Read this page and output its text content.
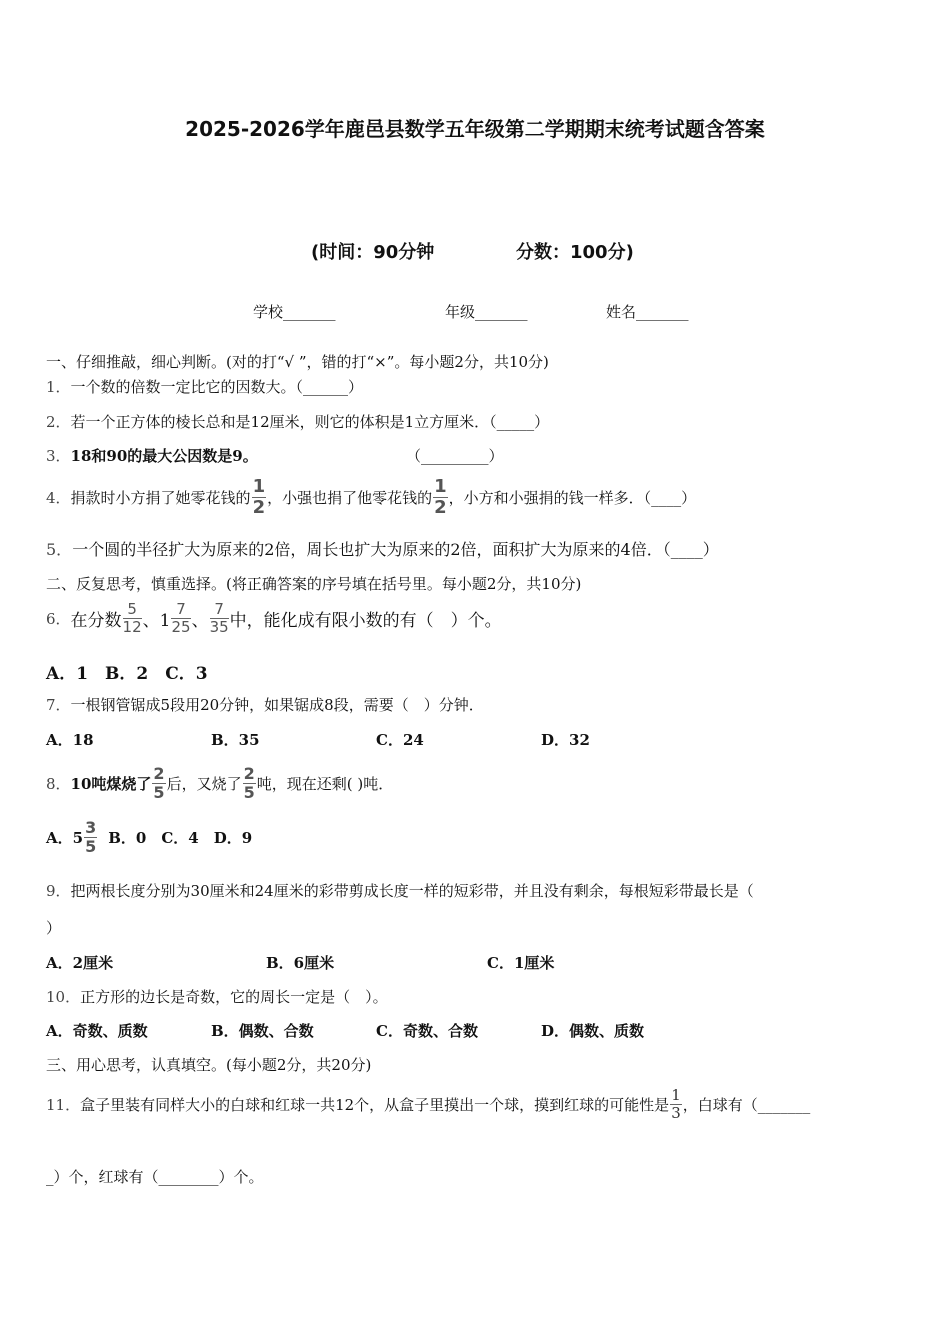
2025-2026学年鹿邑县数学五年级第二学期期末统考试题含答案
(时间：90分钟	分数：100分)
学校_______	年级_______	姓名_______
一、仔细推敲，细心判断。(对的打“√ ”，错的打“×”。每小题2分，共10分)
1．一个数的倍数一定比它的因数大。（______）
2．若一个正方体的棱长总和是12厘米，则它的体积是1立方厘米．（_____）
3．18和90的最大公因数是9。	（_________）
4． 捐款时小方捐了她零花钱的 $\frac{1}{2}$ ，小强也捐了他零花钱的 $\frac{1}{2}$ ，小方和小强捐的钱一样多．（____）
5．一个圆的半径扩大为原来的2倍，周长也扩大为原来的2倍，面积扩大为原来的4倍．（____）
二、反复思考，慎重选择。(将正确答案的序号填在括号里。每小题2分，共10分)
6． 在分数 $\frac{5}{12}$ 、$1 \frac{7}{25}$ 、 $\frac{7}{35}$ 中，能化成有限小数的有（　）个。
A．1　B．2　C．3
7．一根钢管锯成5段用20分钟，如果锯成8段，需要（　）分钟．
A．18	B．35	C．24	D．32
8． 10吨煤烧了 $\frac{2}{5}$ 后，又烧了 $\frac{2}{5}$ 吨，现在还剩( )吨．
A．$5 \frac{3}{5}$ B．0　C．4　D．9
9．把两根长度分别为30厘米和24厘米的彩带剪成长度一样的短彩带，并且没有剩余，每根短彩带最长是（
）
A．2厘米	B．6厘米	C．1厘米
10．正方形的边长是奇数，它的周长一定是（　）。
A．奇数、质数	B．偶数、合数	C．奇数、合数	D．偶数、质数
三、用心思考，认真填空。(每小题2分，共20分)
11． 盒子里装有同样大小的白球和红球一共12个，从盒子里摸出一个球，摸到红球的可能性是 $\frac{1}{3}$ ，白球有（_______
_）个，红球有（________）个。
